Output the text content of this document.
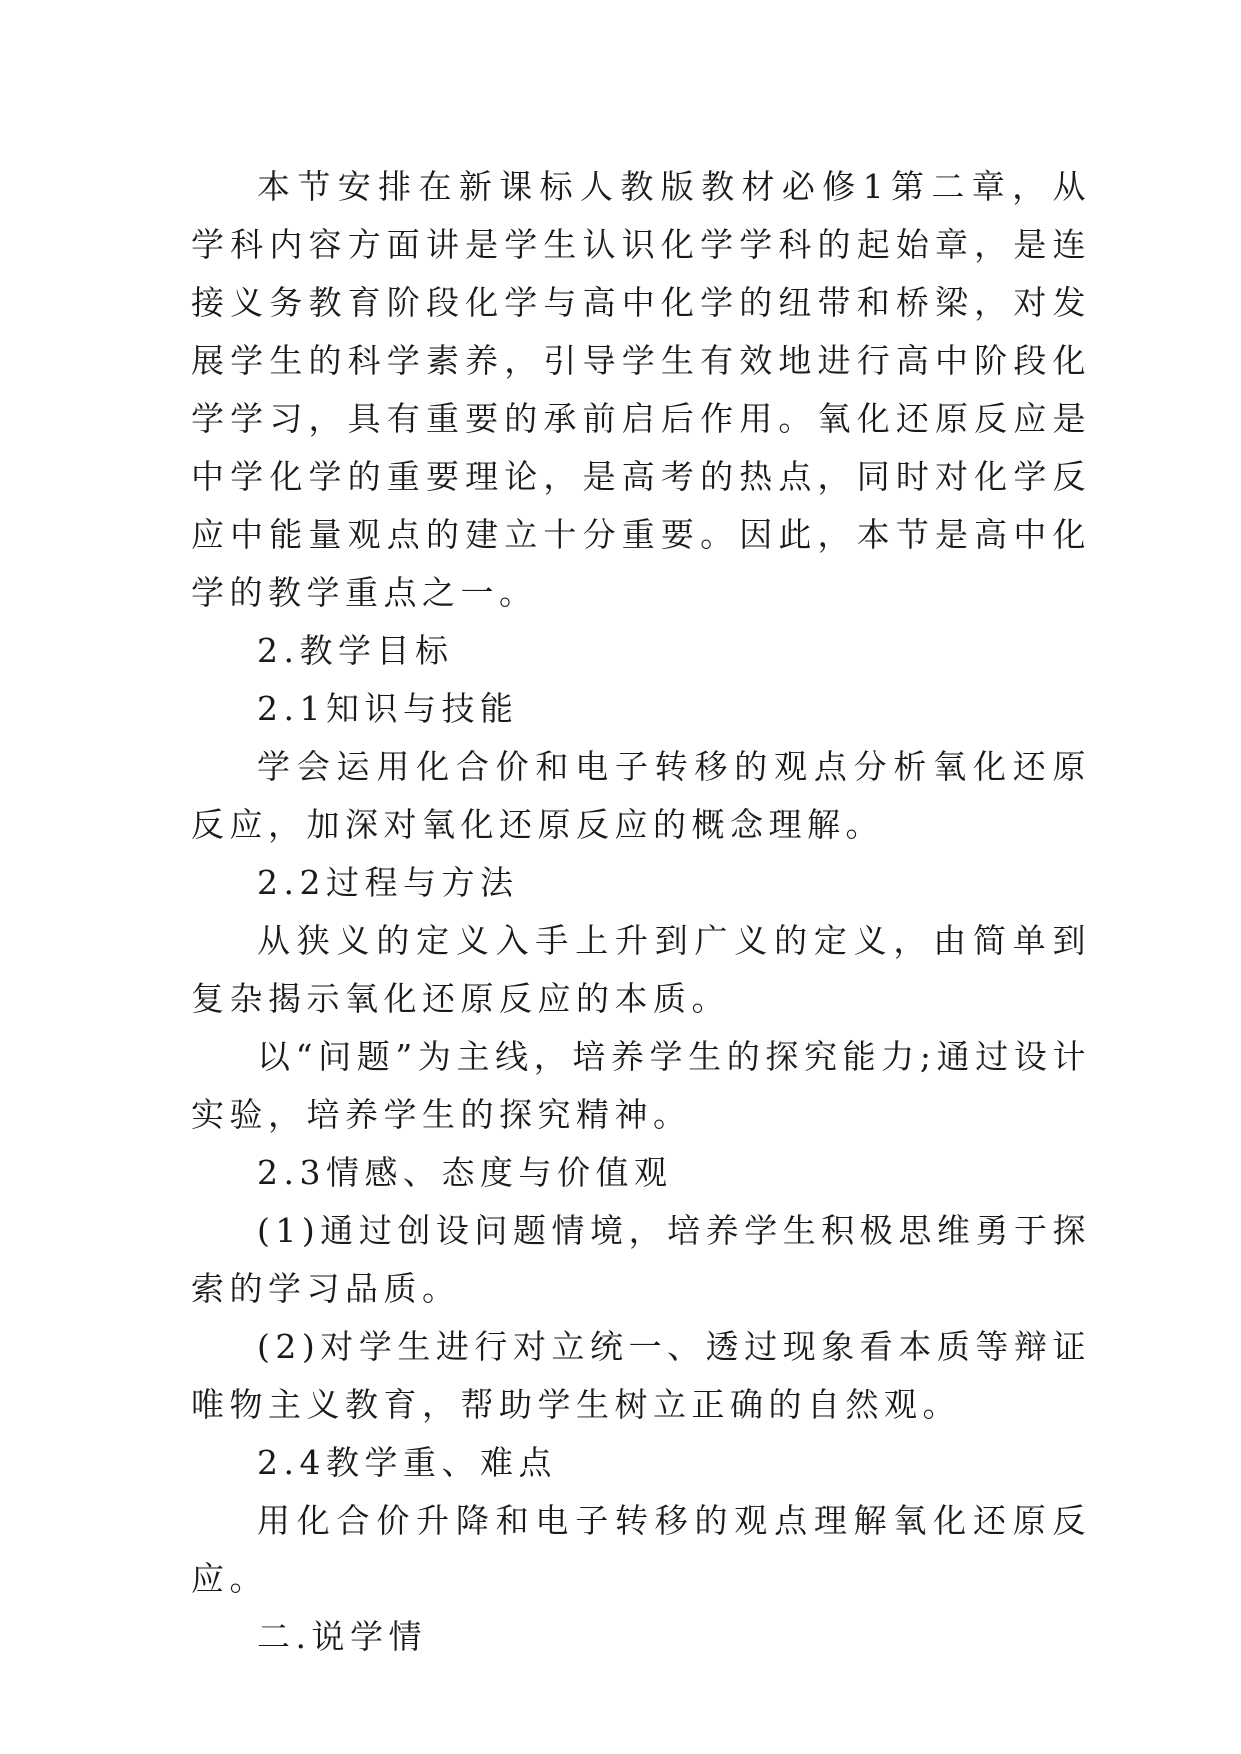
本节安排在新课标人教版教材必修1第二章，从学科内容方面讲是学生认识化学学科的起始章，是连接义务教育阶段化学与高中化学的纽带和桥梁，对发展学生的科学素养，引导学生有效地进行高中阶段化学学习，具有重要的承前启后作用。氧化还原反应是中学化学的重要理论，是高考的热点，同时对化学反应中能量观点的建立十分重要。因此，本节是高中化学的教学重点之一。

2.教学目标

2.1知识与技能

学会运用化合价和电子转移的观点分析氧化还原反应，加深对氧化还原反应的概念理解。

2.2过程与方法

从狭义的定义入手上升到广义的定义，由简单到复杂揭示氧化还原反应的本质。

以“问题”为主线，培养学生的探究能力;通过设计实验，培养学生的探究精神。

2.3情感、态度与价值观

(1)通过创设问题情境，培养学生积极思维勇于探索的学习品质。

(2)对学生进行对立统一、透过现象看本质等辩证唯物主义教育，帮助学生树立正确的自然观。

2.4教学重、难点

用化合价升降和电子转移的观点理解氧化还原反应。

二.说学情
